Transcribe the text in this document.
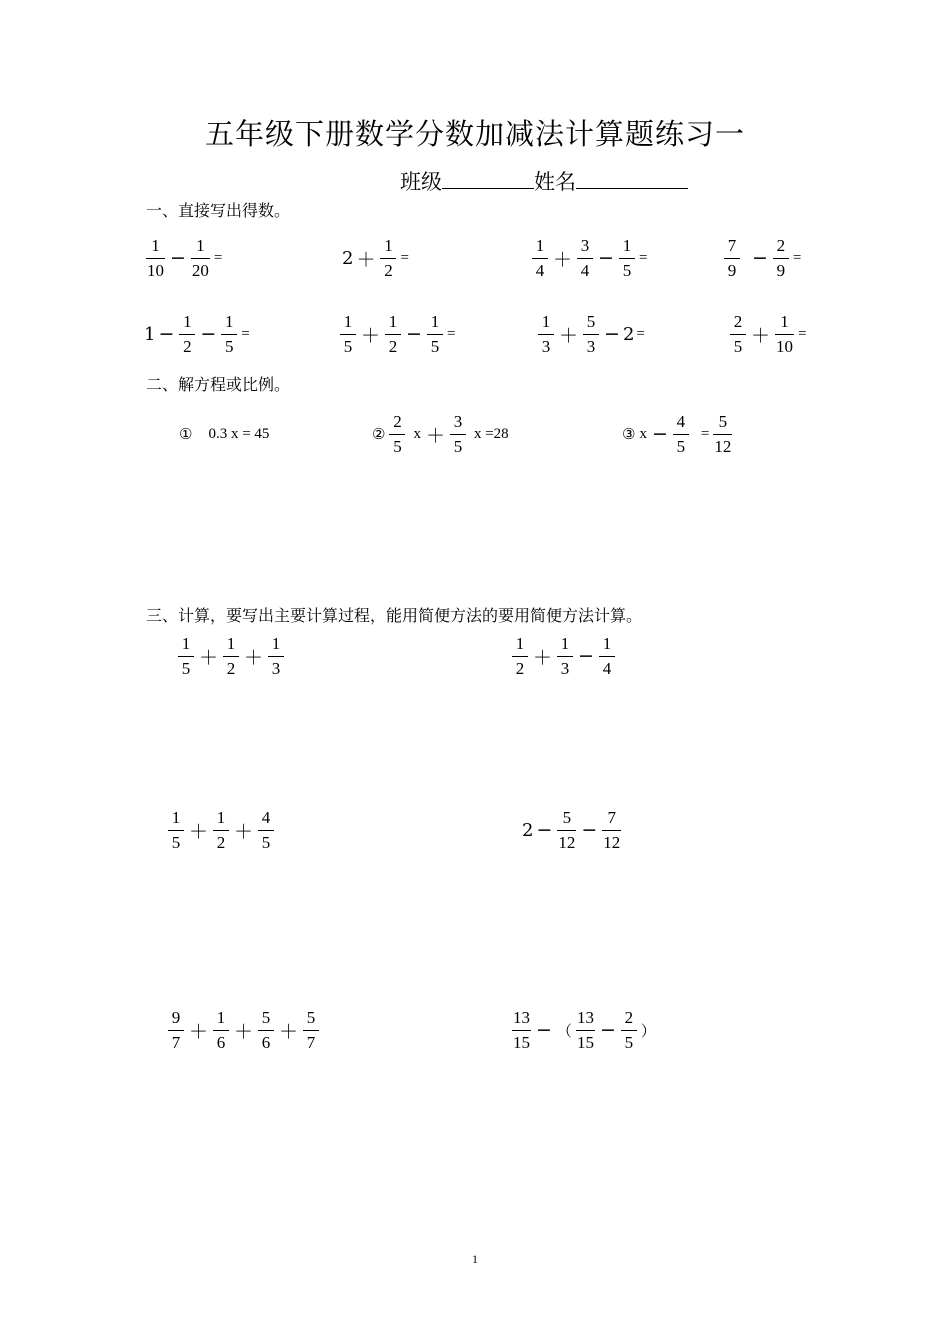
五年级下册数学分数加减法计算题练习一
班级	姓名
一、直接写出得数。
$\frac{1}{10} - \frac{1}{20}$ =	$2 + \frac{1}{2}$ =	$\frac{1}{4} + \frac{3}{4} - \frac{1}{5}$ =	$\frac{7}{9} - \frac{2}{9}$ =
$1 - \frac{1}{2} - \frac{1}{5}$ =	$\frac{1}{5} + \frac{1}{2} - \frac{1}{5}$ =	$\frac{1}{3} + \frac{5}{3} - 2$ =	$\frac{2}{5} + \frac{1}{10}$ =
二、解方程或比例。
① 0.3 x = 45	② $\frac{2}{5}$ $x + \frac{3}{5}$ x =28	③ $x - \frac{4}{5} = \frac{5}{12}$
三、计算，要写出主要计算过程，能用简便方法的要用简便方法计算。
$\frac{1}{5} + \frac{1}{2} + \frac{1}{3}$	$\frac{1}{2} + \frac{1}{3} - \frac{1}{4}$
$\frac{1}{5} + \frac{1}{2} + \frac{4}{5}$	$2 - \frac{5}{12} - \frac{7}{12}$
$\frac{9}{7} + \frac{1}{6} + \frac{5}{6} + \frac{5}{7}$	$\frac{13}{15}$ − （ $\frac{13}{15} - \frac{2}{5}$ ）
1
